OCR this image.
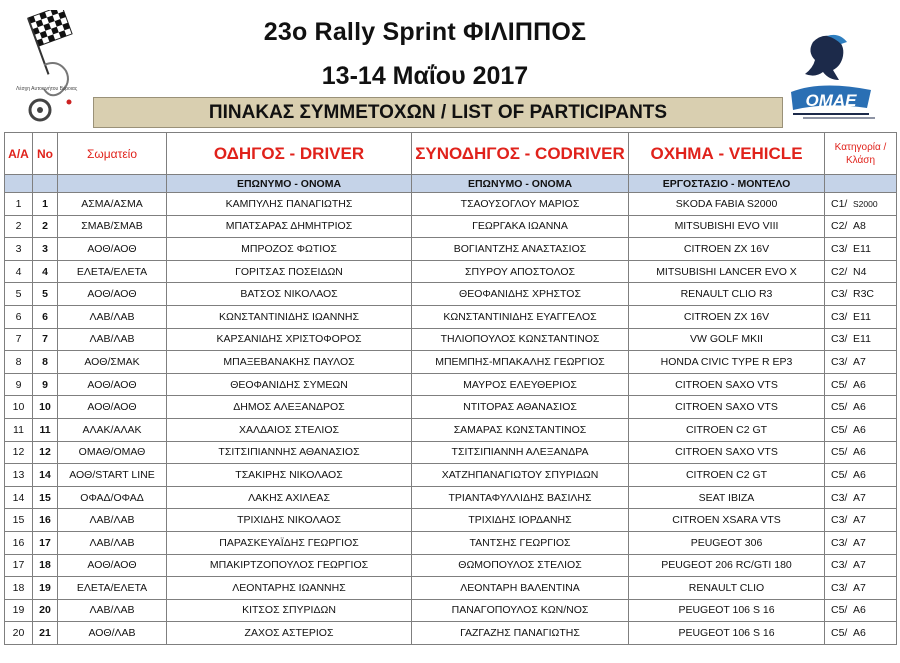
Λέσχη Αυτοκινήτου Βέροιας
23o Rally Sprint ΦΙΛΙΠΠΟΣ
13-14 Μαΐου 2017
ΟΜΑΕ
ΠΙΝΑΚΑΣ ΣΥΜΜΕΤΟΧΩΝ / LIST OF PARTICIPANTS
Α/Α	No	Σωματείο	ΟΔΗΓΟΣ - DRIVER	ΣΥΝΟΔΗΓΟΣ - CODRIVER	ΟΧΗΜΑ - VEHICLE	Κατηγορία /Κλάση
			ΕΠΩΝΥΜΟ - ΟΝΟΜΑ	ΕΠΩΝΥΜΟ - ΟΝΟΜΑ	ΕΡΓΟΣΤΑΣΙΟ - ΜΟΝΤΕΛΟ	
1	1	ΑΣΜΑ/ΑΣΜΑ	ΚΑΜΠΥΛΗΣ ΠΑΝΑΓΙΩΤΗΣ	ΤΣΑΟΥΣΟΓΛΟΥ ΜΑΡΙΟΣ	SKODA FABIA S2000	C1/ S2000
2	2	ΣΜΑΒ/ΣΜΑΒ	ΜΠΑΤΣΑΡΑΣ ΔΗΜΗΤΡΙΟΣ	ΓΕΩΡΓΑΚΑ ΙΩΑΝΝΑ	MITSUBISHI EVO VIII	C2/ A8
3	3	ΑΟΘ/ΑΟΘ	ΜΠΡΟΖΟΣ ΦΩΤΙΟΣ	ΒΟΓΙΑΝΤΖΗΣ ΑΝΑΣΤΑΣΙΟΣ	CITROEN ZX 16V	C3/ E11
4	4	ΕΛΕΤΑ/ΕΛΕΤΑ	ΓΟΡΙΤΣΑΣ ΠΟΣΕΙΔΩΝ	ΣΠΥΡΟΥ ΑΠΟΣΤΟΛΟΣ	MITSUBISHI LANCER EVO X	C2/ N4
5	5	ΑΟΘ/ΑΟΘ	ΒΑΤΣΟΣ ΝΙΚΟΛΑΟΣ	ΘΕΟΦΑΝΙΔΗΣ ΧΡΗΣΤΟΣ	RENAULT CLIO R3	C3/ R3C
6	6	ΛΑΒ/ΛΑΒ	ΚΩΝΣΤΑΝΤΙΝΙΔΗΣ ΙΩΑΝΝΗΣ	ΚΩΝΣΤΑΝΤΙΝΙΔΗΣ ΕΥΑΓΓΕΛΟΣ	CITROEN ZX 16V	C3/ E11
7	7	ΛΑΒ/ΛΑΒ	ΚΑΡΣΑΝΙΔΗΣ ΧΡΙΣΤΟΦΟΡΟΣ	ΤΗΛΙΟΠΟΥΛΟΣ ΚΩΝΣΤΑΝΤΙΝΟΣ	VW GOLF MKII	C3/ E11
8	8	ΑΟΘ/ΣΜΑΚ	ΜΠΑΞΕΒΑΝΑΚΗΣ ΠΑΥΛΟΣ	ΜΠΕΜΠΗΣ-ΜΠΑΚΑΛΗΣ ΓΕΩΡΓΙΟΣ	HONDA CIVIC TYPE R EP3	C3/ A7
9	9	ΑΟΘ/ΑΟΘ	ΘΕΟΦΑΝΙΔΗΣ ΣΥΜΕΩΝ	ΜΑΥΡΟΣ ΕΛΕΥΘΕΡΙΟΣ	CITROEN SAXO VTS	C5/ A6
10	10	ΑΟΘ/ΑΟΘ	ΔΗΜΟΣ ΑΛΕΞΑΝΔΡΟΣ	ΝΤΙΤΟΡΑΣ ΑΘΑΝΑΣΙΟΣ	CITROEN SAXO VTS	C5/ A6
11	11	ΑΛΑΚ/ΑΛΑΚ	ΧΑΛΔΑΙΟΣ ΣΤΕΛΙΟΣ	ΣΑΜΑΡΑΣ ΚΩΝΣΤΑΝΤΙΝΟΣ	CITROEN C2 GT	C5/ A6
12	12	ΟΜΑΘ/ΟΜΑΘ	ΤΣΙΤΣΙΠΙΑΝΝΗΣ ΑΘΑΝΑΣΙΟΣ	ΤΣΙΤΣΙΠΙΑΝΝΗ ΑΛΕΞΑΝΔΡΑ	CITROEN SAXO VTS	C5/ A6
13	14	ΑΟΘ/START LINE	ΤΣΑΚΙΡΗΣ ΝΙΚΟΛΑΟΣ	ΧΑΤΖΗΠΑΝΑΓΙΩΤΟΥ ΣΠΥΡΙΔΩΝ	CITROEN C2 GT	C5/ A6
14	15	ΟΦΑΔ/ΟΦΑΔ	ΛΑΚΗΣ ΑΧΙΛΕΑΣ	ΤΡΙΑΝΤΑΦΥΛΛΙΔΗΣ ΒΑΣΙΛΗΣ	SEAT IBIZA	C3/ A7
15	16	ΛΑΒ/ΛΑΒ	ΤΡΙΧΙΔΗΣ ΝΙΚΟΛΑΟΣ	ΤΡΙΧΙΔΗΣ ΙΟΡΔΑΝΗΣ	CITROEN XSARA VTS	C3/ A7
16	17	ΛΑΒ/ΛΑΒ	ΠΑΡΑΣΚΕΥΑΪΔΗΣ ΓΕΩΡΓΙΟΣ	ΤΑΝΤΣΗΣ ΓΕΩΡΓΙΟΣ	PEUGEOT 306	C3/ A7
17	18	ΑΟΘ/ΑΟΘ	ΜΠΑΚΙΡΤΖΟΠΟΥΛΟΣ ΓΕΩΡΓΙΟΣ	ΘΩΜΟΠΟΥΛΟΣ ΣΤΕΛΙΟΣ	PEUGEOT 206 RC/GTI 180	C3/ A7
18	19	ΕΛΕΤΑ/ΕΛΕΤΑ	ΛΕΟΝΤΑΡΗΣ ΙΩΑΝΝΗΣ	ΛΕΟΝΤΑΡΗ ΒΑΛΕΝΤΙΝΑ	RENAULT CLIO	C3/ A7
19	20	ΛΑΒ/ΛΑΒ	ΚΙΤΣΟΣ ΣΠΥΡΙΔΩΝ	ΠΑΝΑΓΟΠΟΥΛΟΣ ΚΩΝ/ΝΟΣ	PEUGEOT 106 S 16	C5/ A6
20	21	ΑΟΘ/ΛΑΒ	ΖΑΧΟΣ ΑΣΤΕΡΙΟΣ	ΓΑΖΓΑΖΗΣ ΠΑΝΑΓΙΩΤΗΣ	PEUGEOT 106 S 16	C5/ A6
